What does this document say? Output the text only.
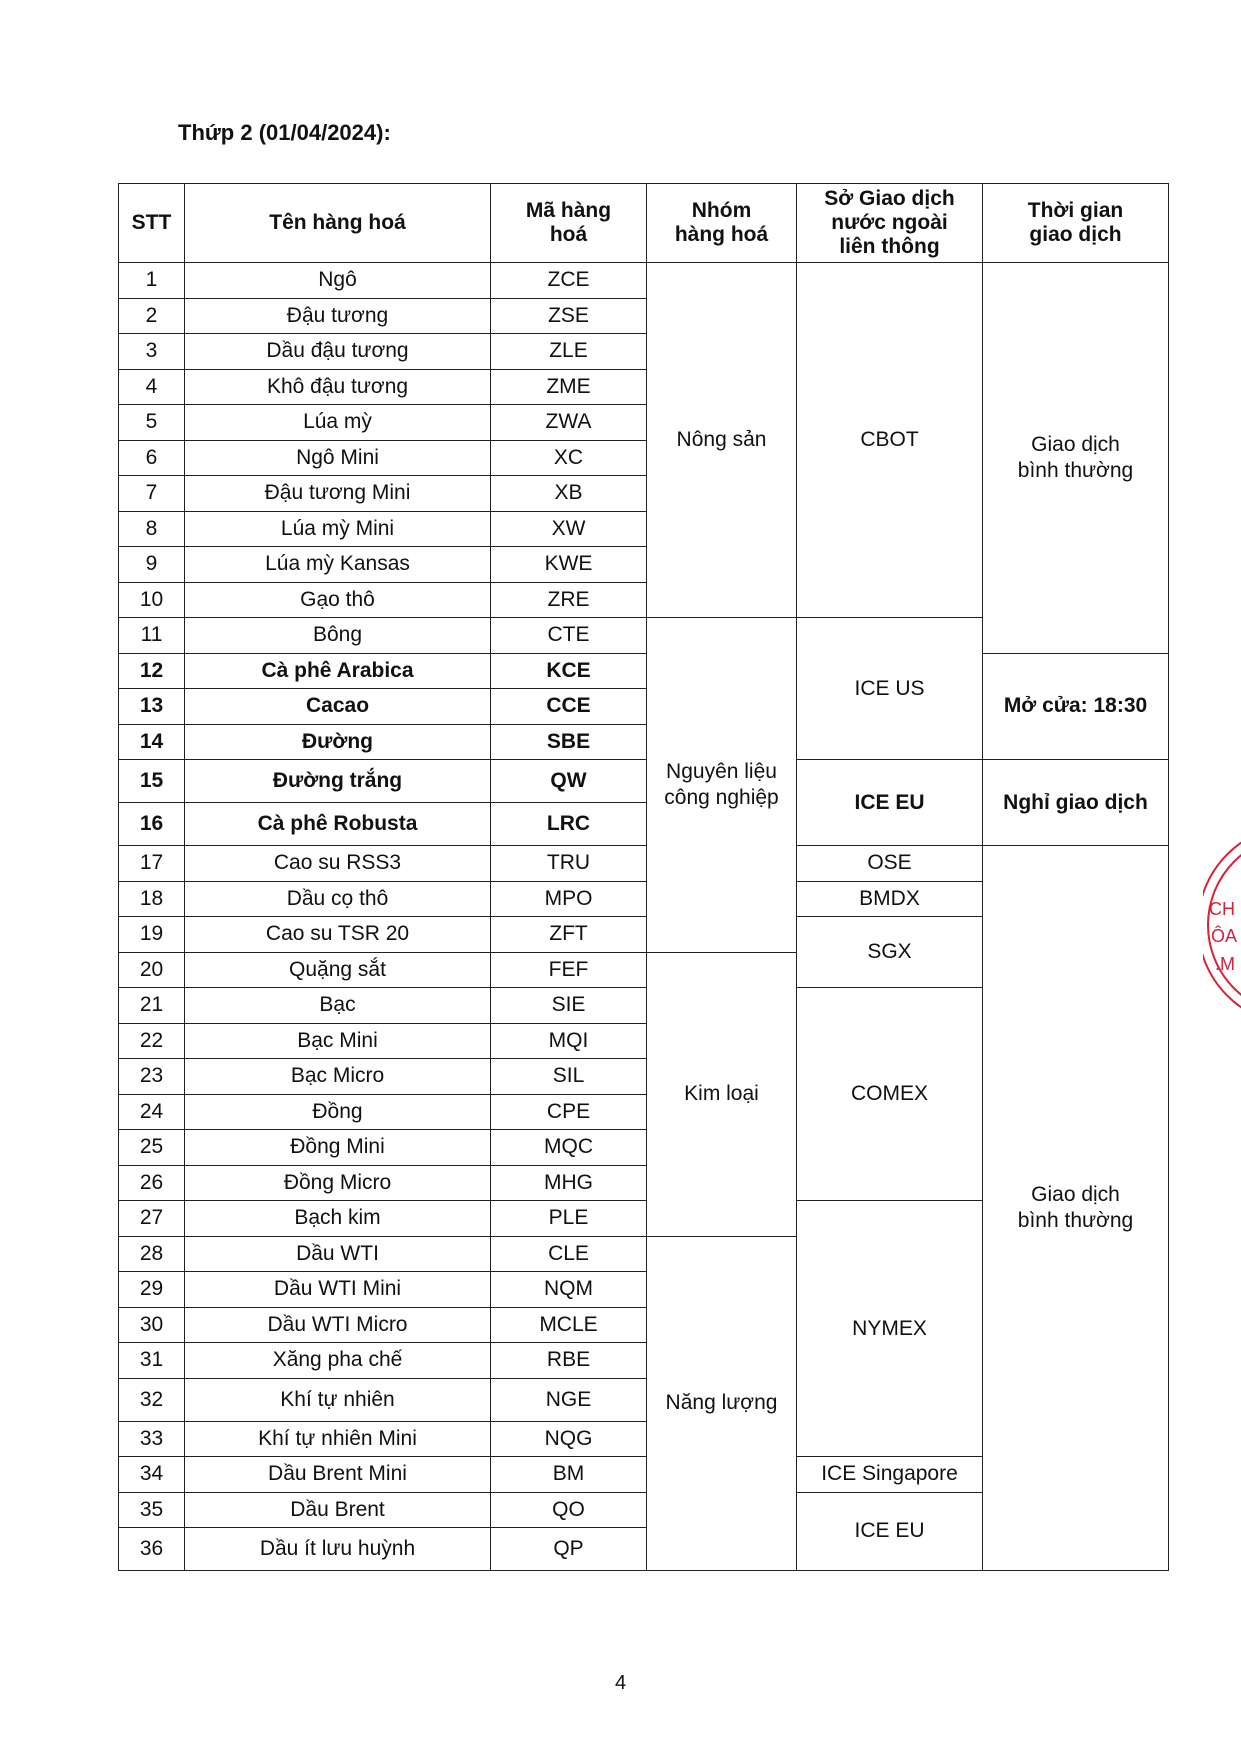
Thứp 2 (01/04/2024):
STT	Tên hàng hoá	Mã hàng hoá	Nhóm hàng hoá	Sở Giao dịch nước ngoài liên thông	Thời gian giao dịch
1	Ngô	ZCE	Nông sản	CBOT	Giao dịch bình thường
2	Đậu tương	ZSE			
3	Dầu đậu tương	ZLE			
4	Khô đậu tương	ZME			
5	Lúa mỳ	ZWA			
6	Ngô Mini	XC			
7	Đậu tương Mini	XB			
8	Lúa mỳ Mini	XW			
9	Lúa mỳ Kansas	KWE			
10	Gạo thô	ZRE			
11	Bông	CTE	Nguyên liệu công nghiệp	ICE US	
12	Cà phê Arabica	KCE			Mở cửa: 18:30
13	Cacao	CCE			
14	Đường	SBE			
15	Đường trắng	QW		ICE EU	Nghỉ giao dịch
16	Cà phê Robusta	LRC			
17	Cao su RSS3	TRU		OSE	Giao dịch bình thường
18	Dầu cọ thô	MPO		BMDX	
19	Cao su TSR 20	ZFT		SGX	
20	Quặng sắt	FEF	Kim loại		
21	Bạc	SIE		COMEX	
22	Bạc Mini	MQI			
23	Bạc Micro	SIL			
24	Đồng	CPE			
25	Đồng Mini	MQC			
26	Đồng Micro	MHG			
27	Bạch kim	PLE		NYMEX	
28	Dầu WTI	CLE	Năng lượng		
29	Dầu WTI Mini	NQM			
30	Dầu WTI Micro	MCLE			
31	Xăng pha chế	RBE			
32	Khí tự nhiên	NGE			
33	Khí tự nhiên Mini	NQG			
34	Dầu Brent Mini	BM		ICE Singapore	
35	Dầu Brent	QO		ICE EU	
36	Dầu ít lưu huỳnh	QP			
4
CH
ÔA
.M
